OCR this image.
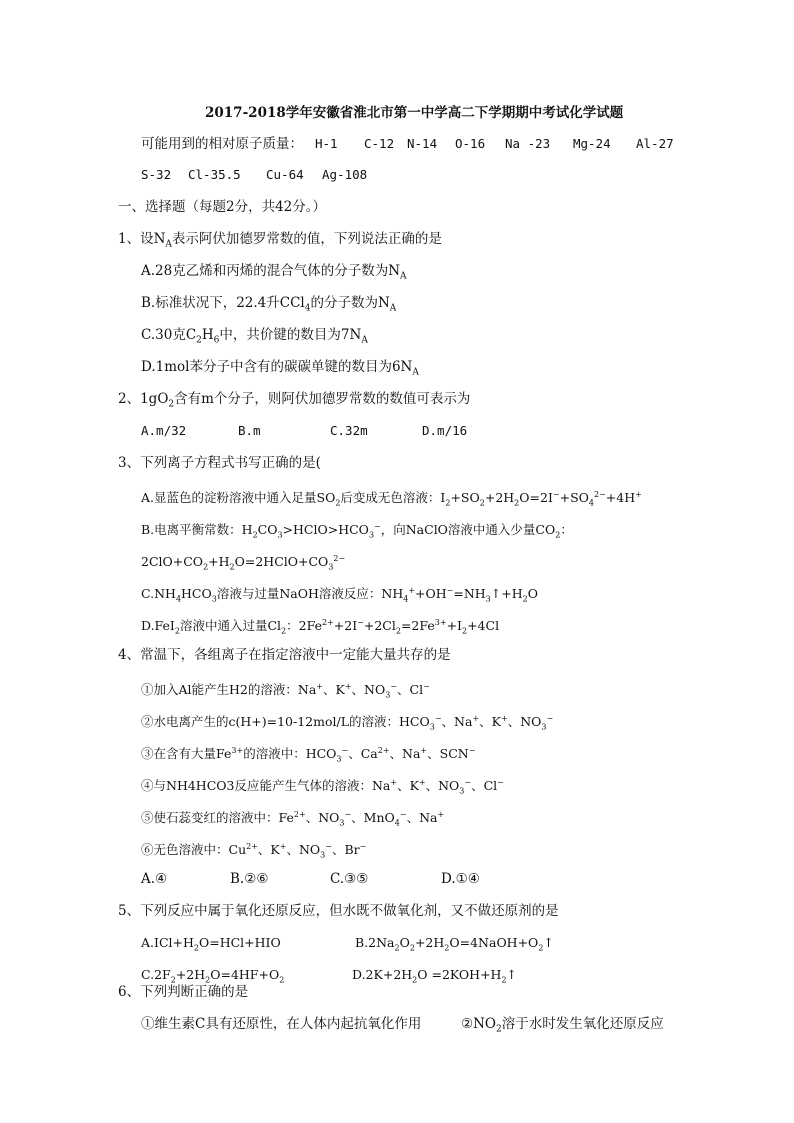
2017-2018学年安徽省淮北市第一中学高二下学期期中考试化学试题
可能用到的相对原子质量： H-1 C-12 N-14 O-16 Na -23 Mg-24 Al-27
S-32 Cl-35.5 Cu-64 Ag-108
一、选择题（每题2分，共42分。）
1、设$N_A$表示阿伏加德罗常数的值，下列说法正确的是
A.28克乙烯和丙烯的混合气体的分子数为$N_A$
B.标准状况下，22.4升CCl$_4$的分子数为$N_A$
C.30克$C_2H_6$中，共价键的数目为$7N_A$
D.1mol苯分子中含有的碳碳单键的数目为$6N_A$
2、$1gO_2$含有m个分子，则阿伏加德罗常数的数值可表示为
A.m/32	B.m	C.32m	D.m/16
3、下列离子方程式书写正确的是(
A.显蓝色的淀粉溶液中通入足量$SO_2$后变成无色溶液：$I_2+SO_2+2H_2O=2I^-+SO_4^{2-}+4H^+$
B.电离平衡常数：$H_2CO_3>HClO>HCO_3^-$，向NaClO溶液中通入少量$CO_2$：
$2ClO+CO_2+H_2O=2HClO+CO_3^{2-}$
$C.NH_4HCO_3$溶液与过量NaOH溶液反应：$NH_4^++OH^-=NH_3↑+H_2O$
D.FeI$_2$溶液中通入过量$Cl_2$：$2Fe^{2+}+2I^-+2Cl_2=2Fe^{3+}+I_2+4Cl$
4、常温下，各组离子在指定溶液中一定能大量共存的是
①加入Al能产生H2的溶液：Na+、K+、$NO_3^-$、Cl−
②水电离产生的c(H+)=10-12mol/L的溶液：$HCO_3^-$、Na+、K+、$NO_3^-$
③在含有大量$Fe^{3+}$的溶液中：$HCO_3^-$、$Ca^{2+}$、Na+、SCN−
④与NH4HCO3反应能产生气体的溶液：Na+、K+、$NO_3^-$、Cl−
⑤使石蕊变红的溶液中：$Fe^{2+}$、$NO_3^-$、MnO$_4$−、Na+
⑥无色溶液中：$Cu^{2+}$、K+、$NO_3^-$、Br−
A.④	B.②⑥	C.③⑤	D.①④
5、下列反应中属于氧化还原反应，但水既不做氧化剂，又不做还原剂的是
$A.ICl+H_2O=HCl+HIO$	$B.2Na_2O_2+2H_2O=4NaOH+O_2↑$
$C.2F_2+2H_2O=4HF+O_2$	$D.2K+2H_2O$ $=2KOH+H_2↑$
6、下列判断正确的是
①维生素C具有还原性，在人体内起抗氧化作用	$②NO_2$溶于水时发生氧化还原反应
